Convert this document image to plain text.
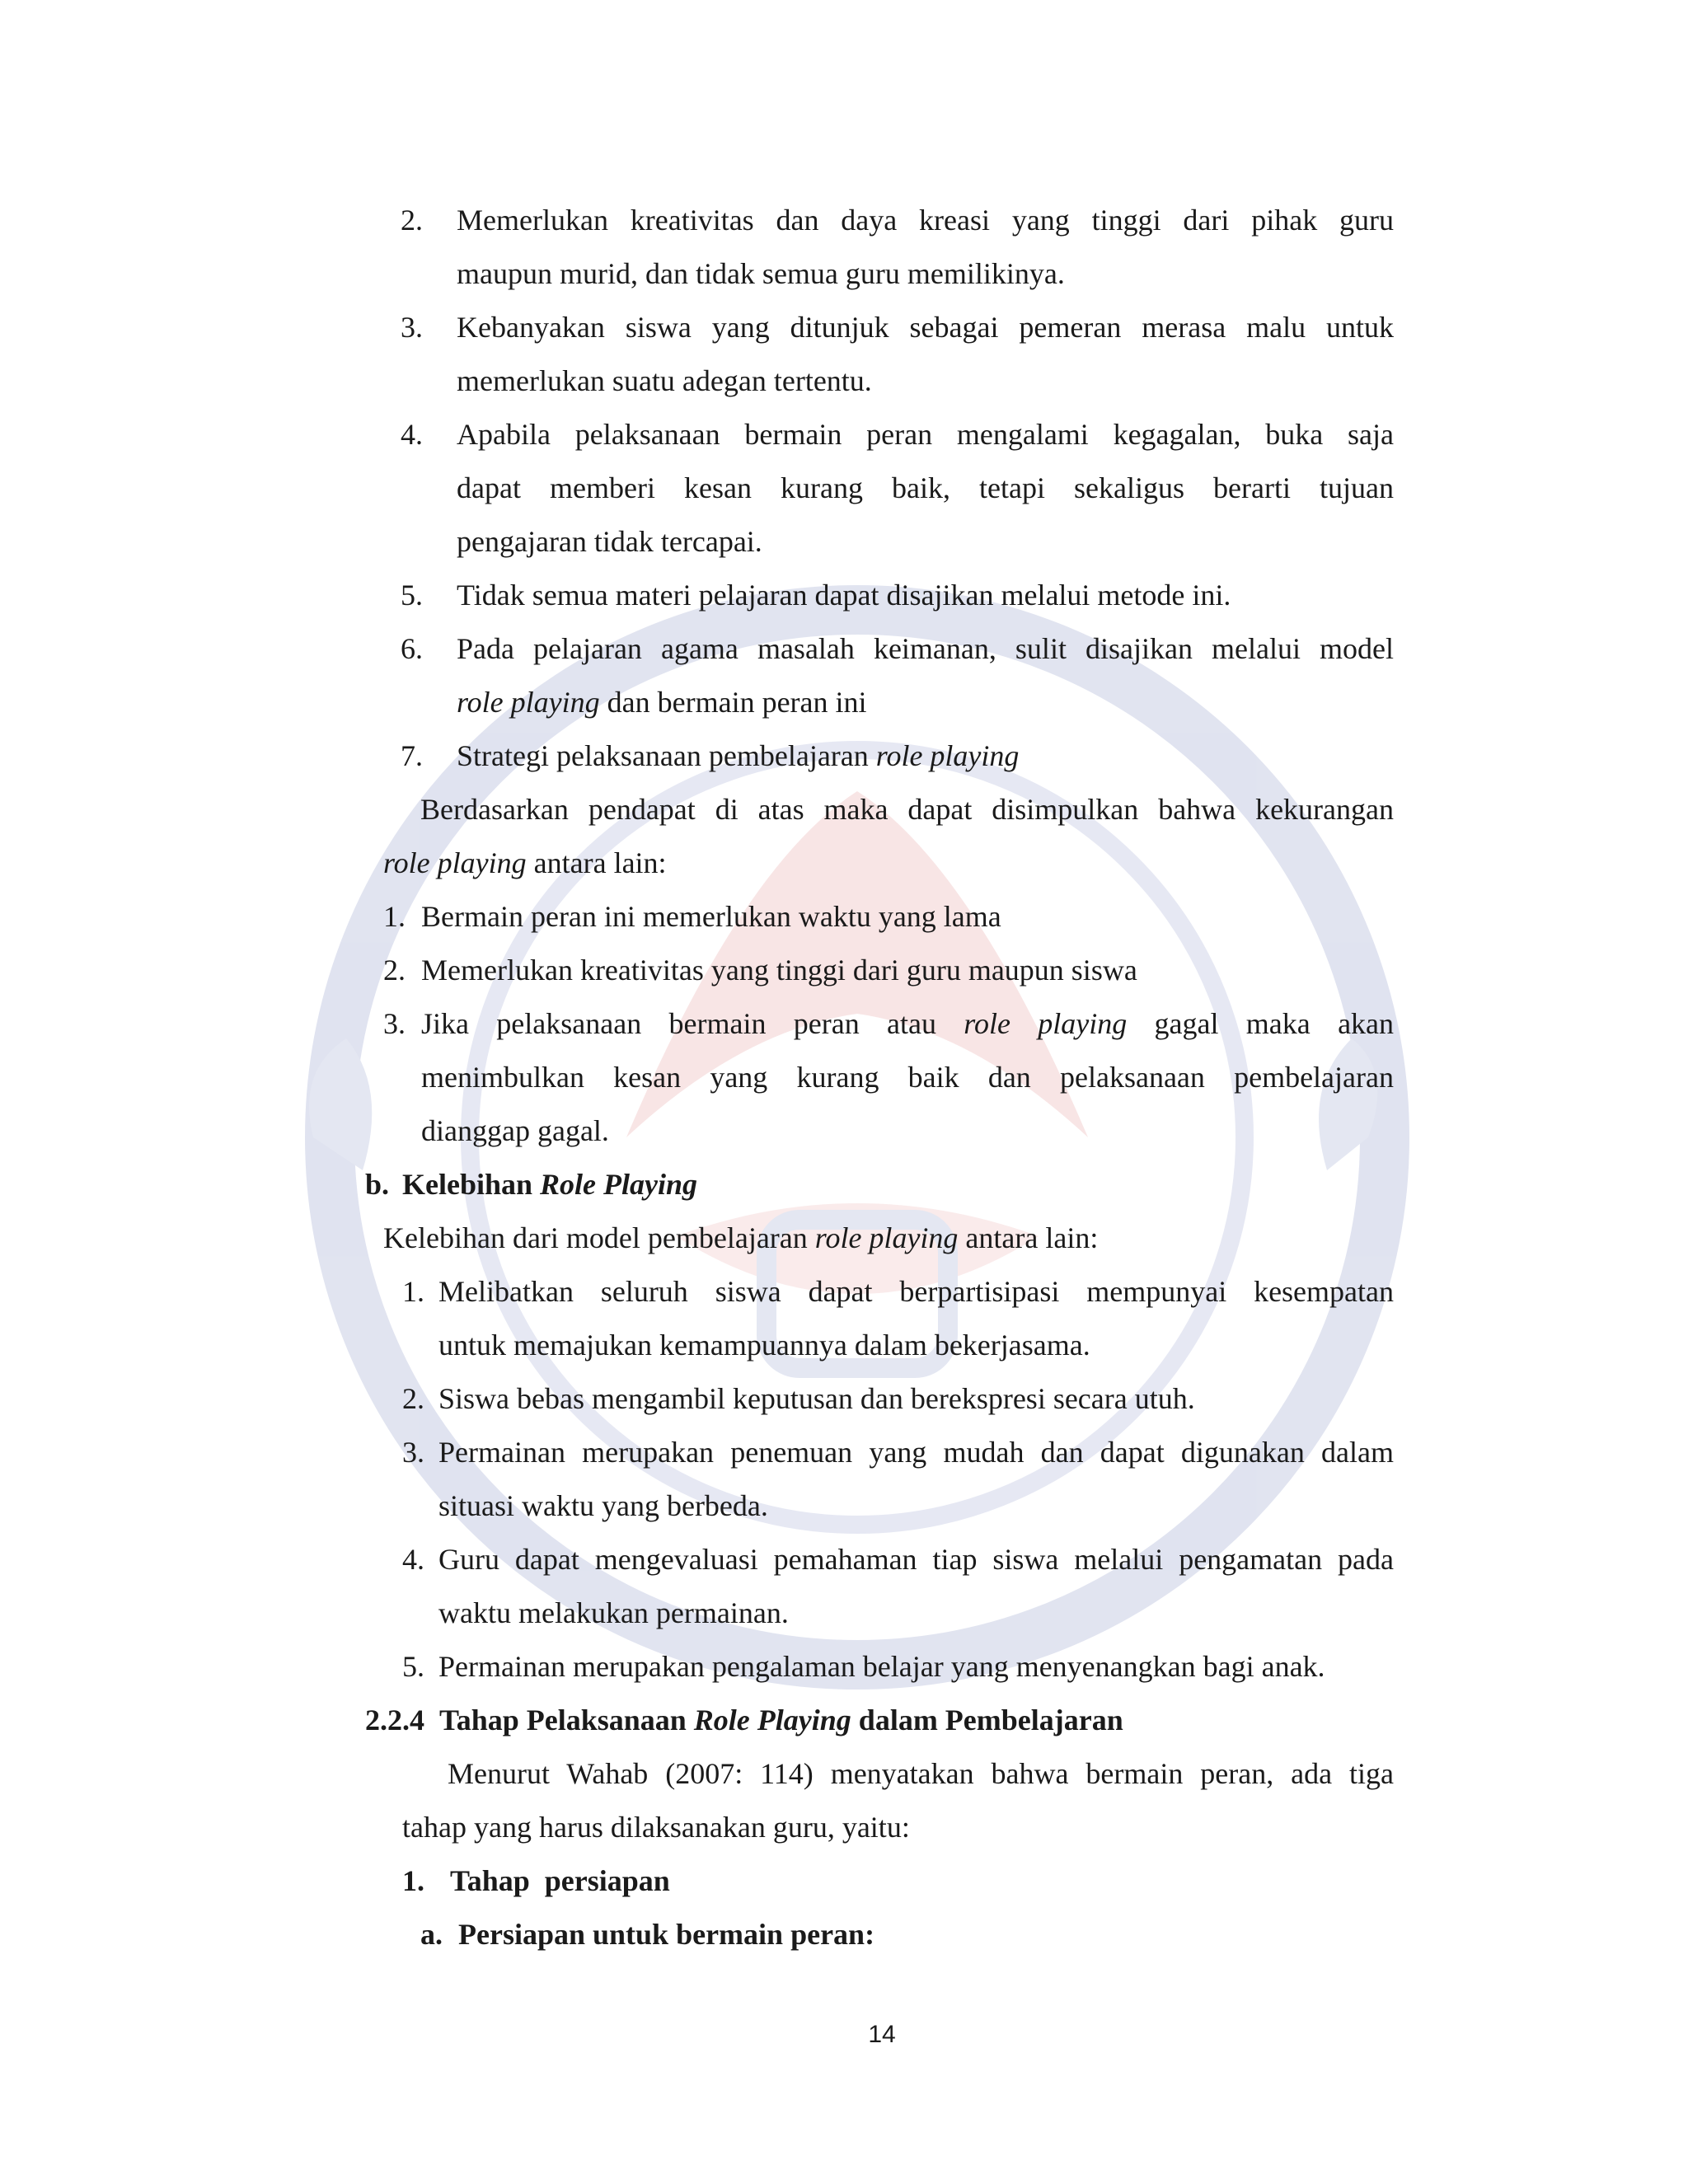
2. Memerlukan kreativitas dan daya kreasi yang tinggi dari pihak guru
maupun murid, dan tidak semua guru memilikinya.
3. Kebanyakan siswa yang ditunjuk sebagai pemeran merasa malu untuk
memerlukan suatu adegan tertentu.
4. Apabila pelaksanaan bermain peran mengalami kegagalan, buka saja
dapat memberi kesan kurang baik, tetapi sekaligus berarti tujuan
pengajaran tidak tercapai.
5. Tidak semua materi pelajaran dapat disajikan melalui metode ini.
6. Pada pelajaran agama masalah keimanan, sulit disajikan melalui model
role playing dan bermain peran ini
7. Strategi pelaksanaan pembelajaran role playing
Berdasarkan pendapat di atas maka dapat disimpulkan bahwa kekurangan
role playing antara lain:
1. Bermain peran ini memerlukan waktu yang lama
2. Memerlukan kreativitas yang tinggi dari guru maupun siswa
3. Jika pelaksanaan bermain peran atau role playing gagal maka akan
menimbulkan kesan yang kurang baik dan pelaksanaan pembelajaran
dianggap gagal.
b. Kelebihan Role Playing
Kelebihan dari model pembelajaran role playing antara lain:
1. Melibatkan seluruh siswa dapat berpartisipasi mempunyai kesempatan
untuk memajukan kemampuannya dalam bekerjasama.
2. Siswa bebas mengambil keputusan dan berekspresi secara utuh.
3. Permainan merupakan penemuan yang mudah dan dapat digunakan dalam
situasi waktu yang berbeda.
4. Guru dapat mengevaluasi pemahaman tiap siswa melalui pengamatan pada
waktu melakukan permainan.
5. Permainan merupakan pengalaman belajar yang menyenangkan bagi anak.
2.2.4 Tahap Pelaksanaan Role Playing dalam Pembelajaran
Menurut Wahab (2007: 114) menyatakan bahwa bermain peran, ada tiga
tahap yang harus dilaksanakan guru, yaitu:
1. Tahap  persiapan
a. Persiapan untuk bermain peran:
14
